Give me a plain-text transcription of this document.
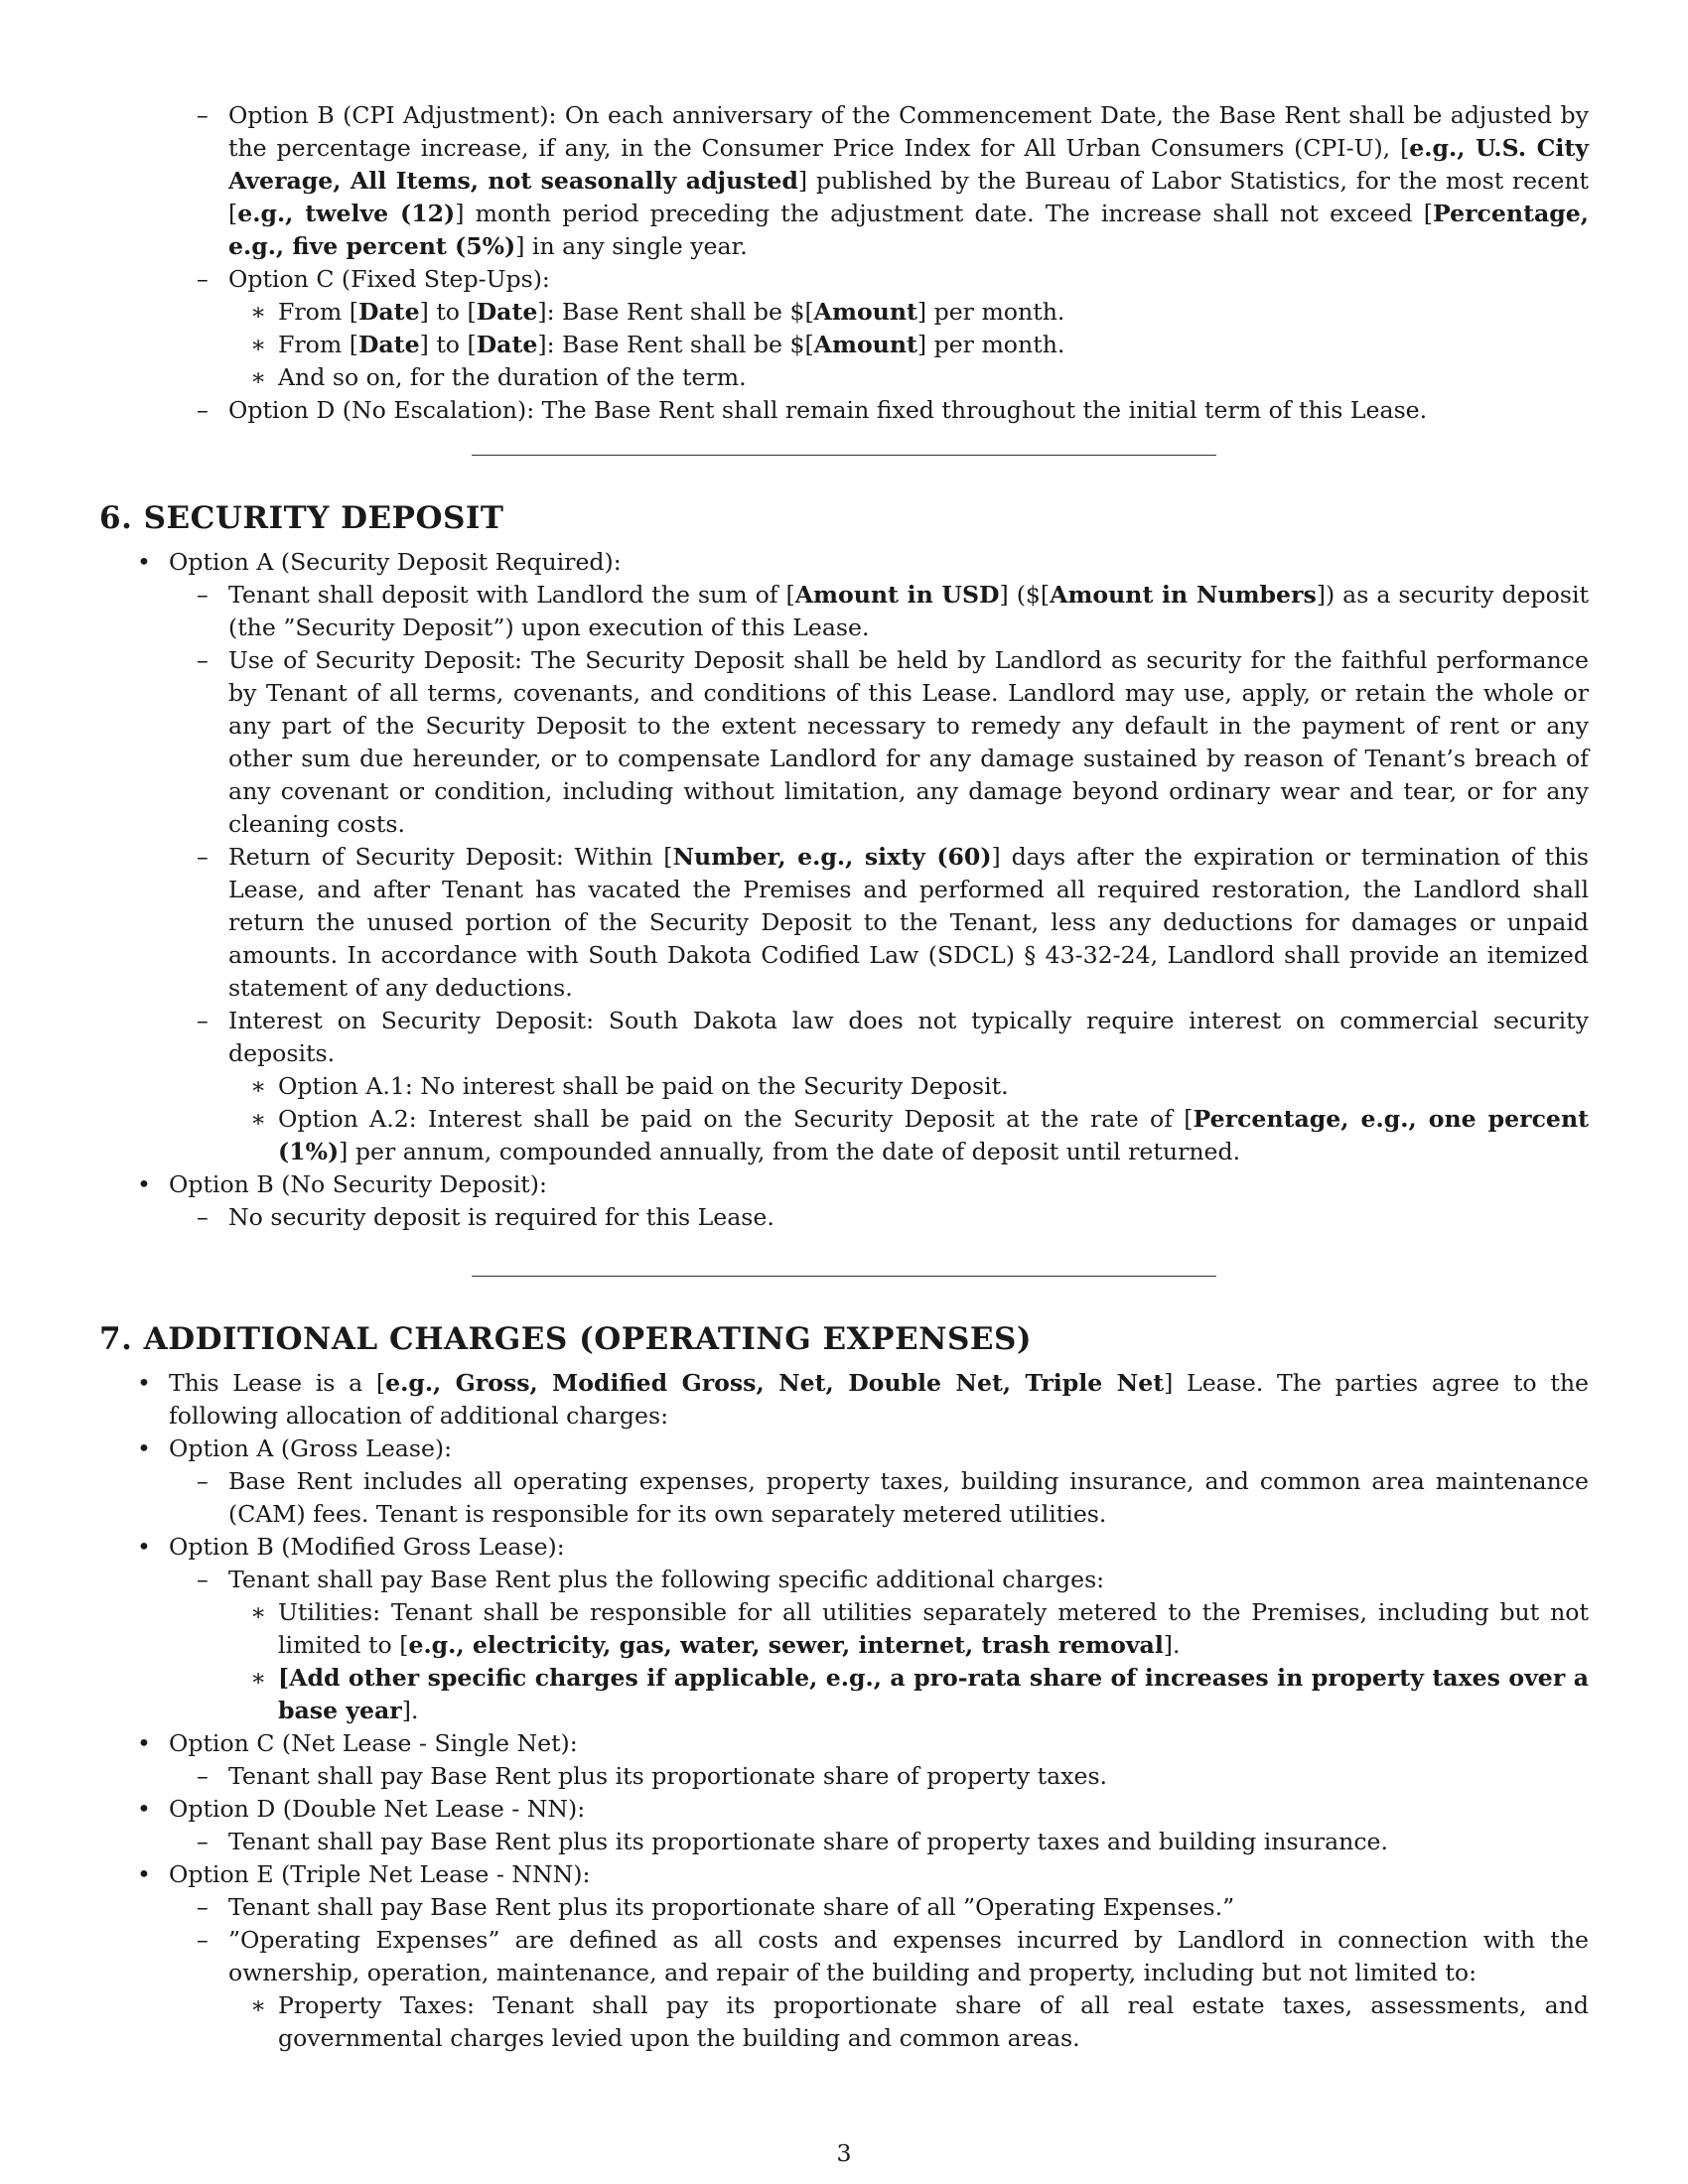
– Option B (CPI Adjustment): On each anniversary of the Commencement Date, the Base Rent shall be adjusted by the percentage increase, if any, in the Consumer Price Index for All Urban Consumers (CPI-U), [e.g., U.S. City Average, All Items, not seasonally adjusted] published by the Bureau of Labor Statistics, for the most recent [e.g., twelve (12)] month period preceding the adjustment date. The increase shall not exceed [Percentage, e.g., five percent (5%)] in any single year.
– Option C (Fixed Step-Ups):
∗ From [Date] to [Date]: Base Rent shall be $[Amount] per month.
∗ From [Date] to [Date]: Base Rent shall be $[Amount] per month.
∗ And so on, for the duration of the term.
– Option D (No Escalation): The Base Rent shall remain fixed throughout the initial term of this Lease.
6. SECURITY DEPOSIT
• Option A (Security Deposit Required):
– Tenant shall deposit with Landlord the sum of [Amount in USD] ($[Amount in Numbers]) as a security deposit (the ”Security Deposit”) upon execution of this Lease.
– Use of Security Deposit: The Security Deposit shall be held by Landlord as security for the faithful performance by Tenant of all terms, covenants, and conditions of this Lease. Landlord may use, apply, or retain the whole or any part of the Security Deposit to the extent necessary to remedy any default in the payment of rent or any other sum due hereunder, or to compensate Landlord for any damage sustained by reason of Tenant’s breach of any covenant or condition, including without limitation, any damage beyond ordinary wear and tear, or for any cleaning costs.
– Return of Security Deposit: Within [Number, e.g., sixty (60)] days after the expiration or termination of this Lease, and after Tenant has vacated the Premises and performed all required restoration, the Landlord shall return the unused portion of the Security Deposit to the Tenant, less any deductions for damages or unpaid amounts. In accordance with South Dakota Codified Law (SDCL) § 43-32-24, Landlord shall provide an itemized statement of any deductions.
– Interest on Security Deposit: South Dakota law does not typically require interest on commercial security deposits.
∗ Option A.1: No interest shall be paid on the Security Deposit.
∗ Option A.2: Interest shall be paid on the Security Deposit at the rate of [Percentage, e.g., one percent (1%)] per annum, compounded annually, from the date of deposit until returned.
• Option B (No Security Deposit):
– No security deposit is required for this Lease.
7. ADDITIONAL CHARGES (OPERATING EXPENSES)
• This Lease is a [e.g., Gross, Modified Gross, Net, Double Net, Triple Net] Lease. The parties agree to the following allocation of additional charges:
• Option A (Gross Lease):
– Base Rent includes all operating expenses, property taxes, building insurance, and common area maintenance (CAM) fees. Tenant is responsible for its own separately metered utilities.
• Option B (Modified Gross Lease):
– Tenant shall pay Base Rent plus the following specific additional charges:
∗ Utilities: Tenant shall be responsible for all utilities separately metered to the Premises, including but not limited to [e.g., electricity, gas, water, sewer, internet, trash removal].
∗ [Add other specific charges if applicable, e.g., a pro-rata share of increases in property taxes over a base year].
• Option C (Net Lease - Single Net):
– Tenant shall pay Base Rent plus its proportionate share of property taxes.
• Option D (Double Net Lease - NN):
– Tenant shall pay Base Rent plus its proportionate share of property taxes and building insurance.
• Option E (Triple Net Lease - NNN):
– Tenant shall pay Base Rent plus its proportionate share of all ”Operating Expenses.”
– ”Operating Expenses” are defined as all costs and expenses incurred by Landlord in connection with the ownership, operation, maintenance, and repair of the building and property, including but not limited to:
∗ Property Taxes: Tenant shall pay its proportionate share of all real estate taxes, assessments, and governmental charges levied upon the building and common areas.
3
